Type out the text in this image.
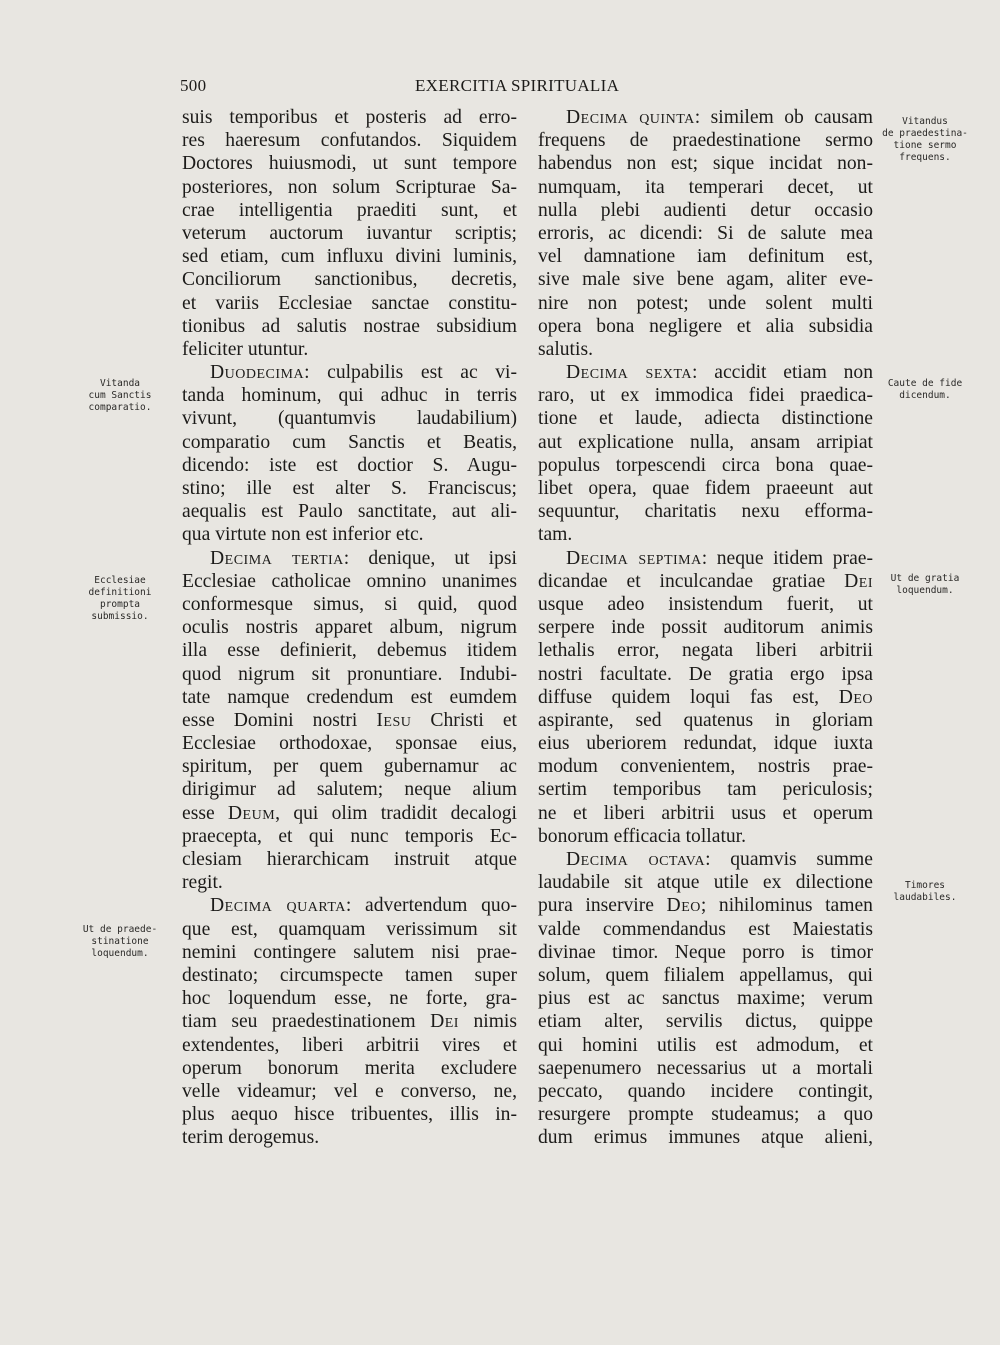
500	EXERCITIA SPIRITUALIA
suis temporibus et posteris ad erro-
res haeresum confutandos. Siquidem
Doctores huiusmodi, ut sunt tempore
posteriores, non solum Scripturae Sa-
crae intelligentia praediti sunt, et
veterum auctorum iuvantur scriptis;
sed etiam, cum influxu divini luminis,
Conciliorum sanctionibus, decretis,
et variis Ecclesiae sanctae constitu-
tionibus ad salutis nostrae subsidium
feliciter utuntur.
Duodecima: culpabilis est ac vi-
tanda hominum, qui adhuc in terris
vivunt, (quantumvis laudabilium)
comparatio cum Sanctis et Beatis,
dicendo: iste est doctior S. Augu-
stino; ille est alter S. Franciscus;
aequalis est Paulo sanctitate, aut ali-
qua virtute non est inferior etc.
Decima tertia: denique, ut ipsi
Ecclesiae catholicae omnino unanimes
conformesque simus, si quid, quod
oculis nostris apparet album, nigrum
illa esse definierit, debemus itidem
quod nigrum sit pronuntiare. Indubi-
tate namque credendum est eumdem
esse Domini nostri Iesu Christi et
Ecclesiae orthodoxae, sponsae eius,
spiritum, per quem gubernamur ac
dirigimur ad salutem; neque alium
esse Deum, qui olim tradidit decalogi
praecepta, et qui nunc temporis Ec-
clesiam hierarchicam instruit atque
regit.
Decima quarta: advertendum quo-
que est, quamquam verissimum sit
nemini contingere salutem nisi prae-
destinato; circumspecte tamen super
hoc loquendum esse, ne forte, gra-
tiam seu praedestinationem Dei nimis
extendentes, liberi arbitrii vires et
operum bonorum merita excludere
velle videamur; vel e converso, ne,
plus aequo hisce tribuentes, illis in-
terim derogemus.
Decima quinta: similem ob causam
frequens de praedestinatione sermo
habendus non est; sique incidat non-
numquam, ita temperari decet, ut
nulla plebi audienti detur occasio
erroris, ac dicendi: Si de salute mea
vel damnatione iam definitum est,
sive male sive bene agam, aliter eve-
nire non potest; unde solent multi
opera bona negligere et alia subsidia
salutis.
Decima sexta: accidit etiam non
raro, ut ex immodica fidei praedica-
tione et laude, adiecta distinctione
aut explicatione nulla, ansam arripiat
populus torpescendi circa bona quae-
libet opera, quae fidem praeeunt aut
sequuntur, charitatis nexu efforma-
tam.
Decima septima: neque itidem prae-
dicandae et inculcandae gratiae Dei
usque adeo insistendum fuerit, ut
serpere inde possit auditorum animis
lethalis error, negata liberi arbitrii
nostri facultate. De gratia ergo ipsa
diffuse quidem loqui fas est, Deo
aspirante, sed quatenus in gloriam
eius uberiorem redundat, idque iuxta
modum convenientem, nostris prae-
sertim temporibus tam periculosis;
ne et liberi arbitrii usus et operum
bonorum efficacia tollatur.
Decima octava: quamvis summe
laudabile sit atque utile ex dilectione
pura inservire Deo; nihilominus tamen
valde commendandus est Maiestatis
divinae timor. Neque porro is timor
solum, quem filialem appellamus, qui
pius est ac sanctus maxime; verum
etiam alter, servilis dictus, quippe
qui homini utilis est admodum, et
saepenumero necessarius ut a mortali
peccato, quando incidere contingit,
resurgere prompte studeamus; a quo
dum erimus immunes atque alieni,
Vitanda
cum Sanctis
comparatio.
Ecclesiae
definitioni
prompta
submissio.
Ut de praede-
stinatione
loquendum.
Vitandus
de praedestina-
tione sermo
frequens.
Caute de fide
dicendum.
Ut de gratia
loquendum.
Timores
laudabiles.
